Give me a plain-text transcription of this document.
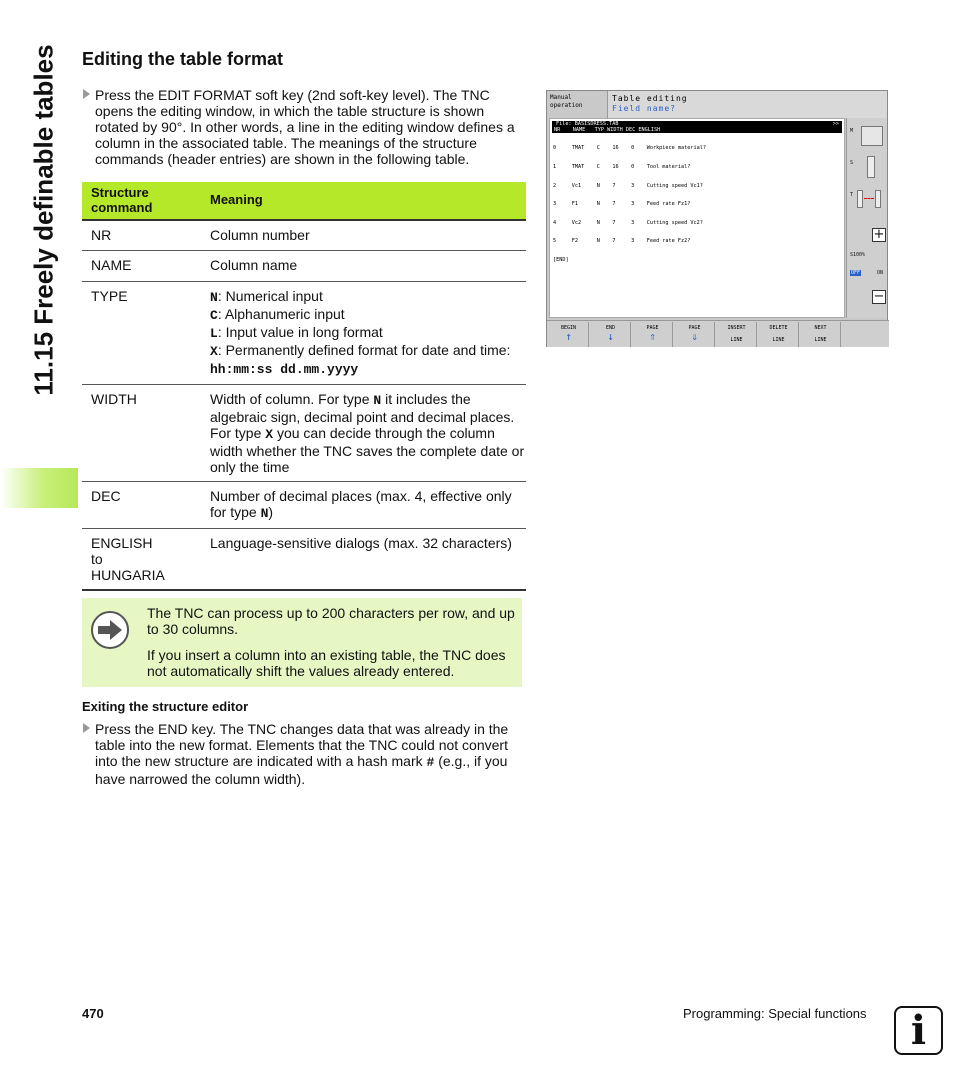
11.15 Freely definable tables Editing the table format

Press the EDIT FORMAT soft key (2nd soft-key level). The TNC opens the editing window, in which the table structure is shown rotated by 90°. In other words, a line in the editing window defines a column in the associated table. The meanings of the structure commands (header entries) are shown in the following table.

Structure command	Meaning
NR	Column number
NAME	Column name
TYPE	N: Numerical input
C: Alphanumeric input
L: Input value in long format
X: Permanently defined format for date and time:
hh:mm:ss dd.mm.yyyy

WIDTH	Width of column. For type N it includes the algebraic sign, decimal point and decimal places. For type X you can decide through the column width whether the TNC saves the complete date or only the time
DEC	Number of decimal places (max. 4, effective only for type N)

ENGLISH
to
HUNGARIA	Language-sensitive dialogs (max. 32 characters)

The TNC can process up to 200 characters per row, and up to 30 columns.

If you insert a column into an existing table, the TNC does not automatically shift the values already entered.

Exiting the structure editor

Press the END key. The TNC changes data that was already in the table into the new format. Elements that the TNC could not convert into the new structure are indicated with a hash mark # (e.g., if you have narrowed the column width).

Manual
operation
Table editing
Field name?
File: BASISDRESS.TAB	>>
NR    NAME   TYP WIDTH DEC ENGLISH

0     TMAT    C    16    0    Workpiece material?

1     TMAT    C    16    0    Tool material?

2     Vc1     N    7     3    Cutting speed Vc1?

3     F1      N    7     3    Feed rate Fz1?

4     Vc2     N    7     3    Cutting speed Vc2?

5     F2      N    7     3    Feed rate Fz2?

[END]

M
S
T
+
S100%
OFF	ON
−
BEGIN
↑
END
↓
PAGE
⇑
PAGE
⇓
INSERT
LINE
DELETE
LINE
NEXT
LINE
470	Programming: Special functions	i
